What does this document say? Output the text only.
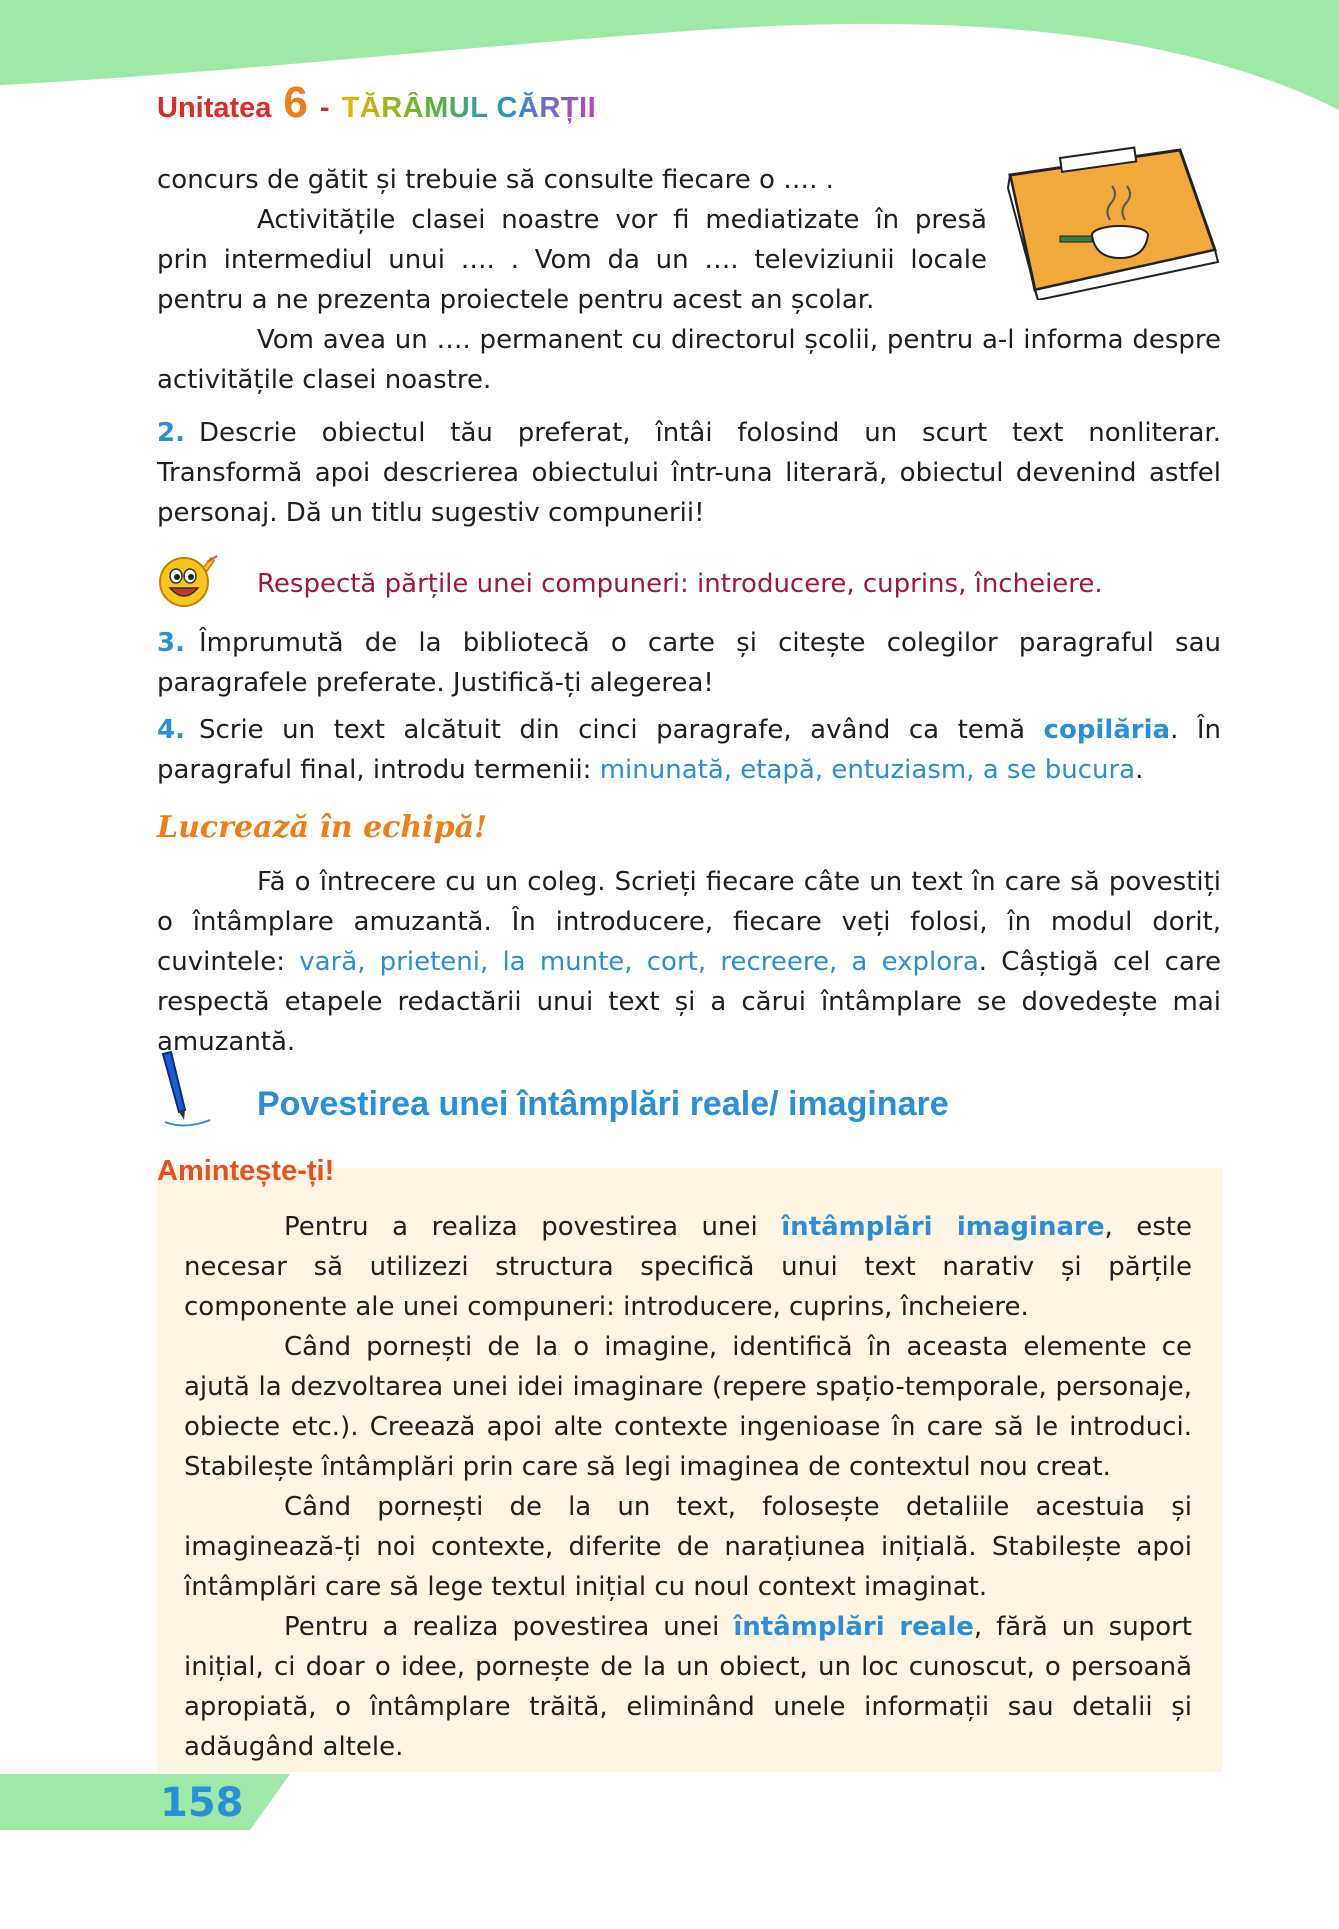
Unitatea 6 - TĂRÂMUL CĂRȚII

concurs de gătit și trebuie să consulte fiecare o …. .

Activitățile clasei noastre vor fi mediatizate în presă prin intermediul unui …. . Vom da un …. televiziunii locale pentru a ne prezenta proiectele pentru acest an școlar.

Vom avea un …. permanent cu directorul școlii, pentru a-l informa despre activitățile clasei noastre.

2. Descrie obiectul tău preferat, întâi folosind un scurt text nonliterar. Transformă apoi descrierea obiectului într-una literară, obiectul devenind astfel personaj. Dă un titlu sugestiv compunerii!

Respectă părțile unei compuneri: introducere, cuprins, încheiere.

3. Împrumută de la bibliotecă o carte și citește colegilor paragraful sau paragrafele preferate. Justifică-ți alegerea!

4. Scrie un text alcătuit din cinci paragrafe, având ca temă copilăria. În paragraful final, introdu termenii: minunată, etapă, entuziasm, a se bucura.

Lucrează în echipă!

Fă o întrecere cu un coleg. Scrieți fiecare câte un text în care să povestiți o întâmplare amuzantă. În introducere, fiecare veți folosi, în modul dorit, cuvintele: vară, prieteni, la munte, cort, recreere, a explora. Câștigă cel care respectă etapele redactării unui text și a cărui întâmplare se dovedește mai amuzantă.

Povestirea unei întâmplări reale/ imaginare
Amintește-ți!

Pentru a realiza povestirea unei întâmplări imaginare, este necesar să utilizezi structura specifică unui text narativ și părțile componente ale unei compuneri: introducere, cuprins, încheiere.

Când pornești de la o imagine, identifică în aceasta elemente ce ajută la dezvoltarea unei idei imaginare (repere spațio-temporale, personaje, obiecte etc.). Creează apoi alte contexte ingenioase în care să le introduci. Stabilește întâmplări prin care să legi imaginea de contextul nou creat.

Când pornești de la un text, folosește detaliile acestuia și imaginează-ți noi contexte, diferite de narațiunea inițială. Stabilește apoi întâmplări care să lege textul inițial cu noul context imaginat.

Pentru a realiza povestirea unei întâmplări reale, fără un suport inițial, ci doar o idee, pornește de la un obiect, un loc cunoscut, o persoană apropiată, o întâmplare trăită, eliminând unele informații sau detalii și adăugând altele.

158
